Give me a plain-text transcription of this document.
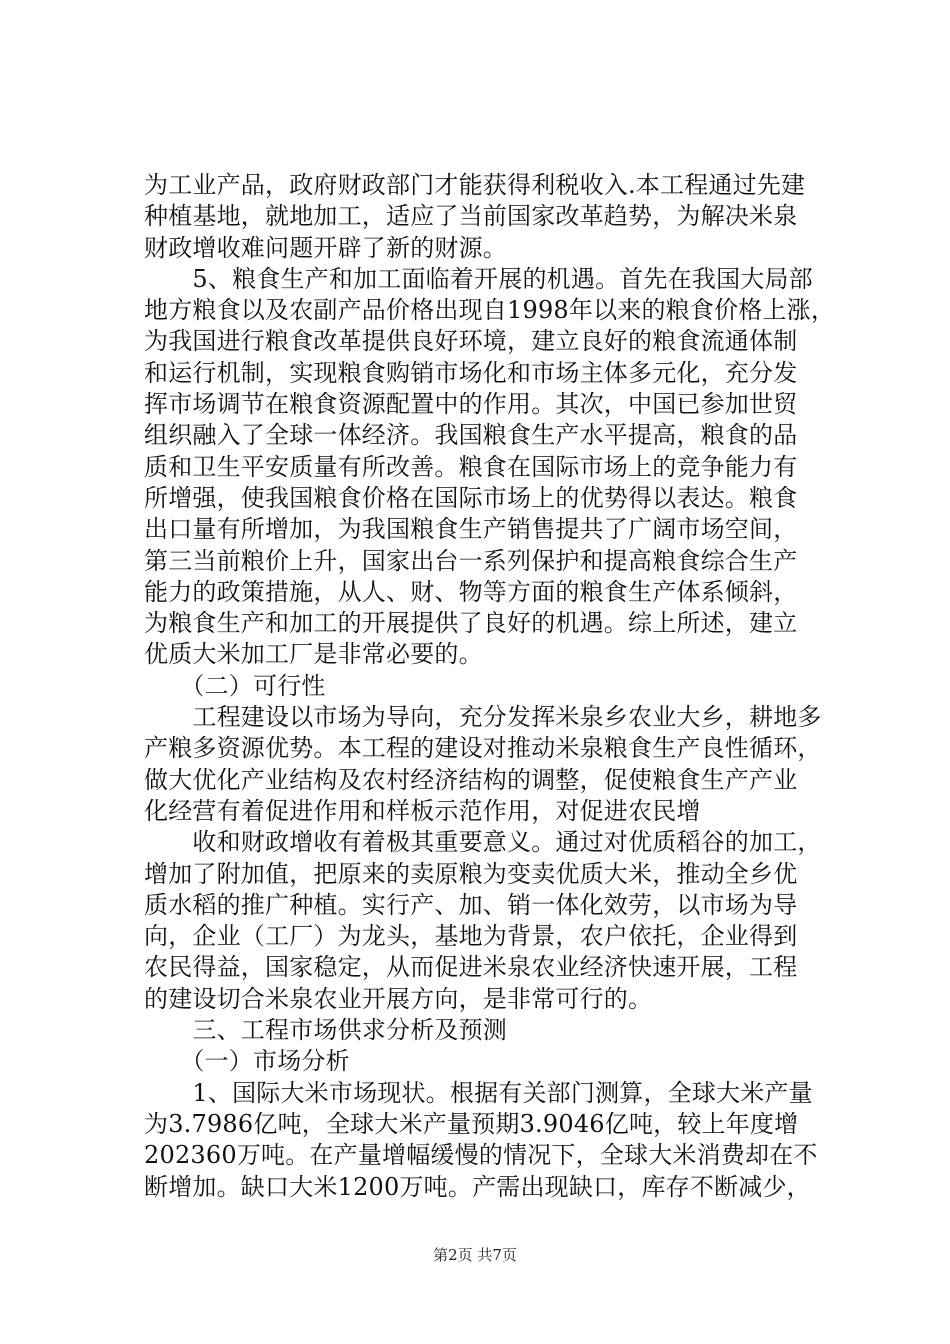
为工业产品，政府财政部门才能获得利税收入.本工程通过先建
种植基地，就地加工，适应了当前国家改革趋势，为解决米泉
财政增收难问题开辟了新的财源。
　　5、粮食生产和加工面临着开展的机遇。首先在我国大局部
地方粮食以及农副产品价格出现自1998年以来的粮食价格上涨，
为我国进行粮食改革提供良好环境，建立良好的粮食流通体制
和运行机制，实现粮食购销市场化和市场主体多元化，充分发
挥市场调节在粮食资源配置中的作用。其次，中国已参加世贸
组织融入了全球一体经济。我国粮食生产水平提高，粮食的品
质和卫生平安质量有所改善。粮食在国际市场上的竞争能力有
所增强，使我国粮食价格在国际市场上的优势得以表达。粮食
出口量有所增加，为我国粮食生产销售提共了广阔市场空间，
第三当前粮价上升，国家出台一系列保护和提高粮食综合生产
能力的政策措施，从人、财、物等方面的粮食生产体系倾斜，
为粮食生产和加工的开展提供了良好的机遇。综上所述，建立
优质大米加工厂是非常必要的。
　　（二）可行性
　　工程建设以市场为导向，充分发挥米泉乡农业大乡，耕地多
产粮多资源优势。本工程的建设对推动米泉粮食生产良性循环，
做大优化产业结构及农村经济结构的调整，促使粮食生产产业
化经营有着促进作用和样板示范作用，对促进农民增
　　收和财政增收有着极其重要意义。通过对优质稻谷的加工，
增加了附加值，把原来的卖原粮为变卖优质大米，推动全乡优
质水稻的推广种植。实行产、加、销一体化效劳，以市场为导
向，企业（工厂）为龙头，基地为背景，农户依托，企业得到
农民得益，国家稳定，从而促进米泉农业经济快速开展，工程
的建设切合米泉农业开展方向，是非常可行的。
　　三、工程市场供求分析及预测
　　（一）市场分析
　　1、国际大米市场现状。根据有关部门测算，全球大米产量
为3.7986亿吨，全球大米产量预期3.9046亿吨，较上年度增
202360万吨。在产量增幅缓慢的情况下，全球大米消费却在不
断增加。缺口大米1200万吨。产需出现缺口，库存不断减少，
第2页 共7页
